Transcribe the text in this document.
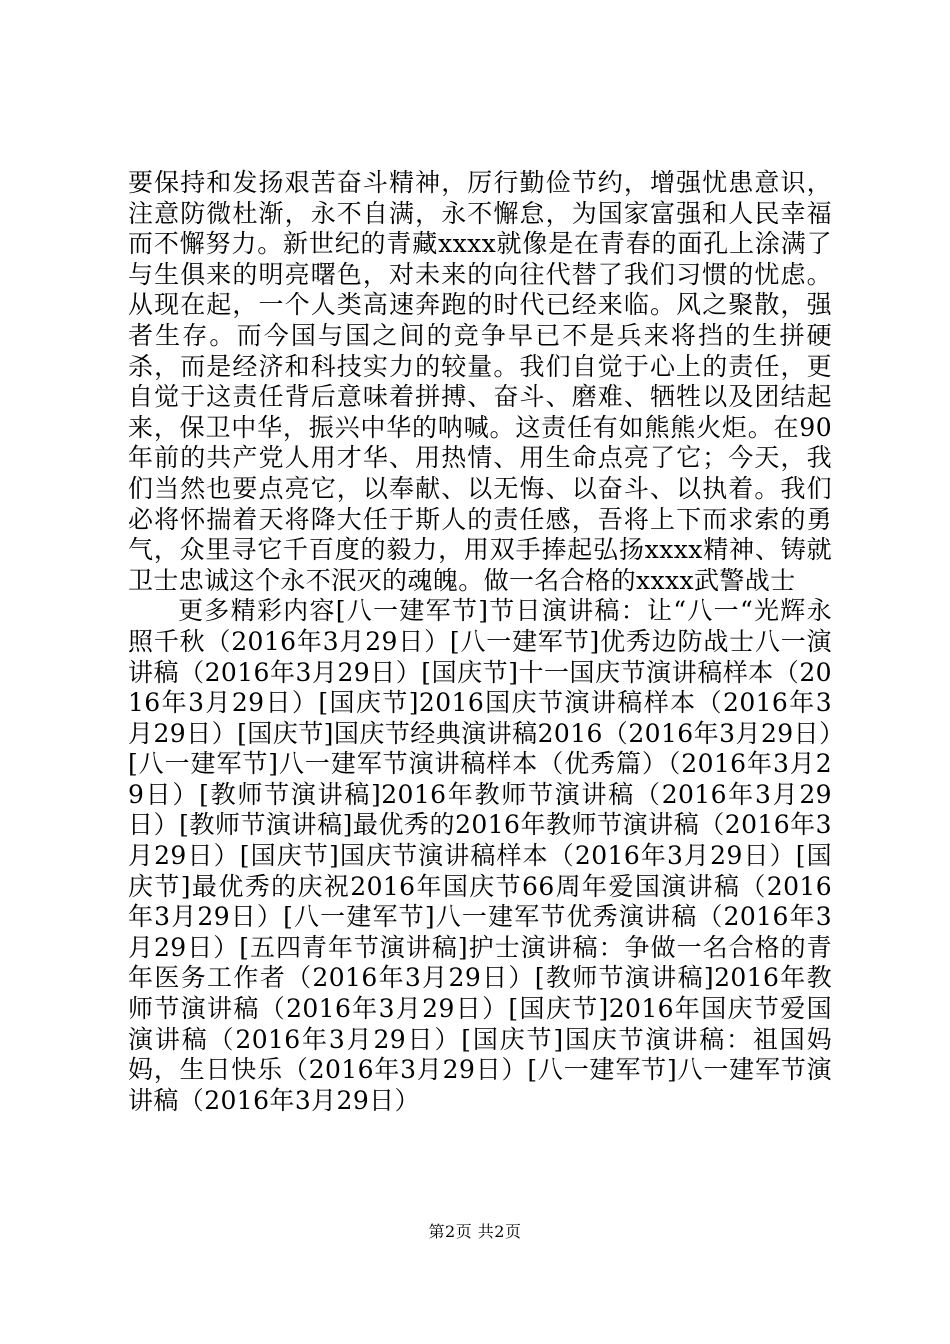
要保持和发扬艰苦奋斗精神，厉行勤俭节约，增强忧患意识，注意防微杜渐，永不自满，永不懈怠，为国家富强和人民幸福而不懈努力。新世纪的青藏xxxx就像是在青春的面孔上涂满了与生俱来的明亮曙色，对未来的向往代替了我们习惯的忧虑。从现在起，一个人类高速奔跑的时代已经来临。风之聚散，强者生存。而今国与国之间的竞争早已不是兵来将挡的生拼硬杀，而是经济和科技实力的较量。我们自觉于心上的责任，更自觉于这责任背后意味着拼搏、奋斗、磨难、牺牲以及团结起来，保卫中华，振兴中华的呐喊。这责任有如熊熊火炬。在90年前的共产党人用才华、用热情、用生命点亮了它；今天，我们当然也要点亮它，以奉献、以无悔、以奋斗、以执着。我们必将怀揣着天将降大任于斯人的责任感，吾将上下而求索的勇气，众里寻它千百度的毅力，用双手捧起弘扬xxxx精神、铸就卫士忠诚这个永不泯灭的魂魄。做一名合格的xxxx武警战士

更多精彩内容[八一建军节]节日演讲稿：让“八一“光辉永照千秋（2016年3月29日）[八一建军节]优秀边防战士八一演讲稿（2016年3月29日）[国庆节]十一国庆节演讲稿样本（2016年3月29日）[国庆节]2016国庆节演讲稿样本（2016年3月29日）[国庆节]国庆节经典演讲稿2016（2016年3月29日）[八一建军节]八一建军节演讲稿样本（优秀篇）（2016年3月29日）[教师节演讲稿]2016年教师节演讲稿（2016年3月29日）[教师节演讲稿]最优秀的2016年教师节演讲稿（2016年3月29日）[国庆节]国庆节演讲稿样本（2016年3月29日）[国庆节]最优秀的庆祝2016年国庆节66周年爱国演讲稿（2016年3月29日）[八一建军节]八一建军节优秀演讲稿（2016年3月29日）[五四青年节演讲稿]护士演讲稿：争做一名合格的青年医务工作者（2016年3月29日）[教师节演讲稿]2016年教师节演讲稿（2016年3月29日）[国庆节]2016年国庆节爱国演讲稿（2016年3月29日）[国庆节]国庆节演讲稿：祖国妈妈，生日快乐（2016年3月29日）[八一建军节]八一建军节演讲稿（2016年3月29日）

第2页 共2页
